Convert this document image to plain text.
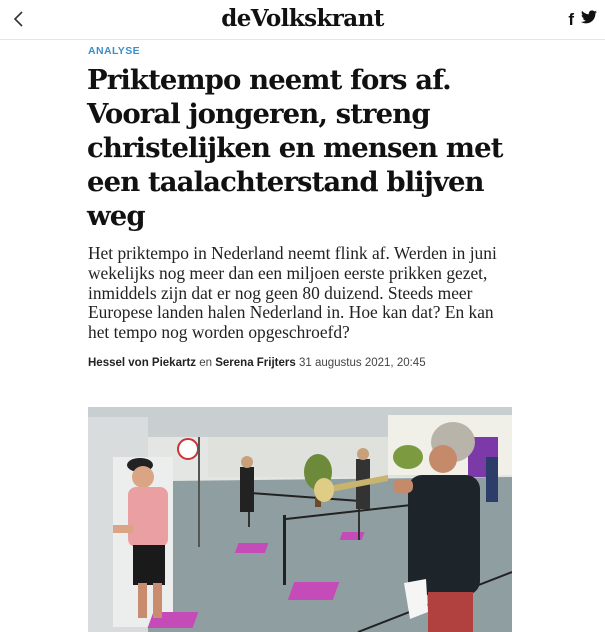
deVolkskrant	f
ANALYSE
Priktempo neemt fors af. Vooral jongeren, streng christelijken en mensen met een taalachterstand blijven weg

Het priktempo in Nederland neemt flink af. Werden in juni wekelijks nog meer dan een miljoen eerste prikken gezet, inmiddels zijn dat er nog geen 80 duizend. Steeds meer Europese landen halen Nederland in. Hoe kan dat? En kan het tempo nog worden opgeschroefd?

Hessel von Piekartz en Serena Frijters 31 augustus 2021, 20:45
